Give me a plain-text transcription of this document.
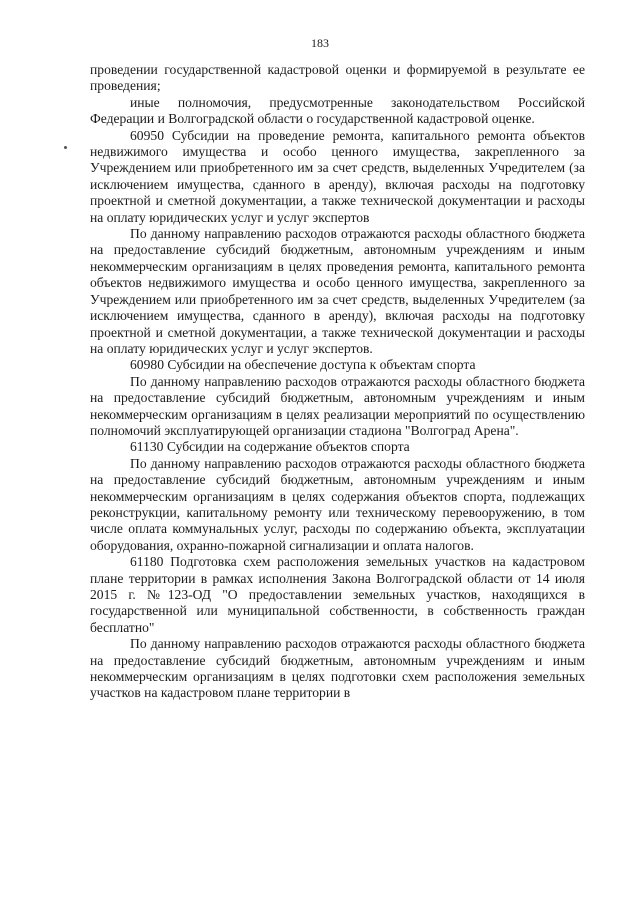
183

проведении государственной кадастровой оценки и формируемой в результате ее проведения;

иные полномочия, предусмотренные законодательством Российской Федерации и Волгоградской области о государственной кадастровой оценке.

60950 Субсидии на проведение ремонта, капитального ремонта объектов недвижимого имущества и особо ценного имущества, закрепленного за Учреждением или приобретенного им за счет средств, выделенных Учредителем (за исключением имущества, сданного в аренду), включая расходы на подготовку проектной и сметной документации, а также технической документации и расходы на оплату юридических услуг и услуг экспертов

По данному направлению расходов отражаются расходы областного бюджета на предоставление субсидий бюджетным, автономным учреждениям и иным некоммерческим организациям в целях проведения ремонта, капитального ремонта объектов недвижимого имущества и особо ценного имущества, закрепленного за Учреждением или приобретенного им за счет средств, выделенных Учредителем (за исключением имущества, сданного в аренду), включая расходы на подготовку проектной и сметной документации, а также технической документации и расходы на оплату юридических услуг и услуг экспертов.

60980 Субсидии на обеспечение доступа к объектам спорта

По данному направлению расходов отражаются расходы областного бюджета на предоставление субсидий бюджетным, автономным учреждениям и иным некоммерческим организациям в целях реализации мероприятий по осуществлению полномочий эксплуатирующей организации стадиона "Волгоград Арена".

61130 Субсидии на содержание объектов спорта

По данному направлению расходов отражаются расходы областного бюджета на предоставление субсидий бюджетным, автономным учреждениям и иным некоммерческим организациям в целях содержания объектов спорта, подлежащих реконструкции, капитальному ремонту или техническому перевооружению, в том числе оплата коммунальных услуг, расходы по содержанию объекта, эксплуатации оборудования, охранно-пожарной сигнализации и оплата налогов.

61180 Подготовка схем расположения земельных участков на кадастровом плане территории в рамках исполнения Закона Волгоградской области от 14 июля 2015 г. №123-ОД "О предоставлении земельных участков, находящихся в государственной или муниципальной собственности, в собственность граждан бесплатно"

По данному направлению расходов отражаются расходы областного бюджета на предоставление субсидий бюджетным, автономным учреждениям и иным некоммерческим организациям в целях подготовки схем расположения земельных участков на кадастровом плане территории в
